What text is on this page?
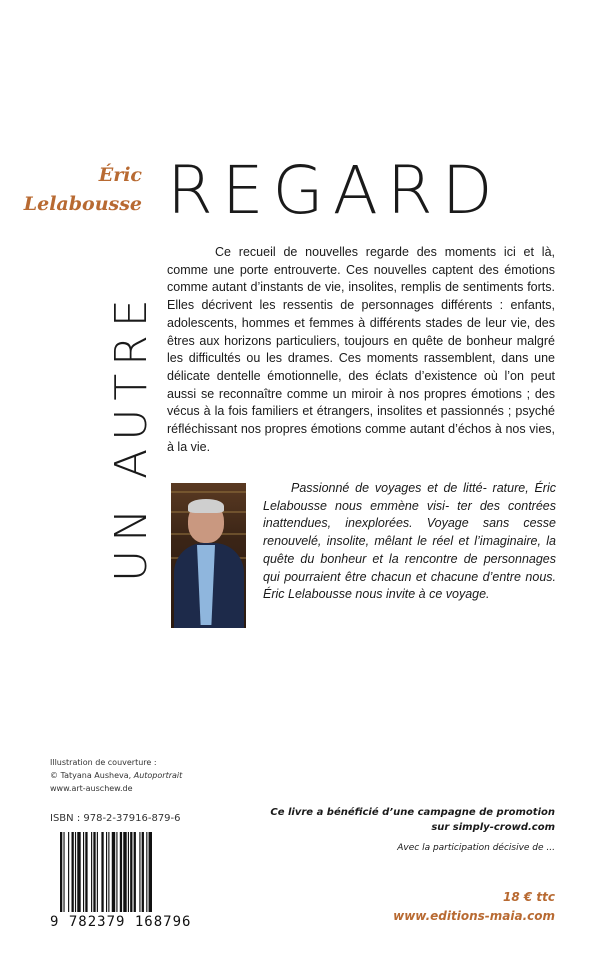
Éric
Lelabousse REGARD
UN AUTRE

Ce recueil de nouvelles regarde des moments ici et là, comme une porte entrouverte. Ces nouvelles captent des émotions comme autant d’instants de vie, insolites, remplis de sentiments forts. Elles décrivent les ressentis de personnages différents : enfants, adolescents, hommes et femmes à différents stades de leur vie, des êtres aux horizons particuliers, toujours en quête de bonheur malgré les difficultés ou les drames. Ces moments rassemblent, dans une délicate dentelle émotionnelle, des éclats d’existence où l’on peut aussi se reconnaître comme un miroir à nos propres émotions ; des vécus à la fois familiers et étrangers, insolites et passionnés ; psyché réfléchissant nos propres émotions comme autant d’échos à nos vies, à la vie.

Passionné de voyages et de litté- rature, Éric Lelabousse nous emmène visi- ter des contrées inattendues, inexplorées. Voyage sans cesse renouvelé, insolite, mêlant le réel et l’imaginaire, la quête du bonheur et la rencontre de personnages qui pourraient être chacun et chacune d’entre nous. Éric Lelabousse nous invite à ce voyage.

Illustration de couverture :
© Tatyana Ausheva, Autoportrait
www.art-auschew.de
ISBN : 978-2-37916-879-6
9 782379 168796
Ce livre a bénéficié d’une campagne de promotion
sur simply-crowd.com
Avec la participation décisive de ...
18 € ttc
www.editions-maia.com
